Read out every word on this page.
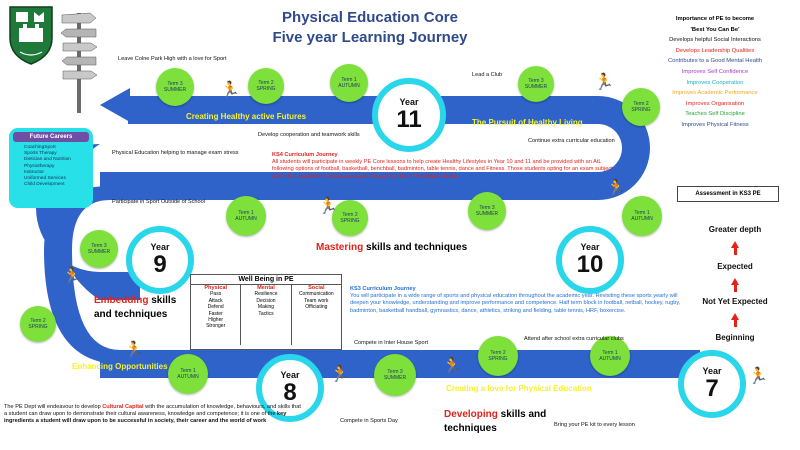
Physical Education Core
Five year Learning Journey
Leave Colne Park High with a love for Sport
Term 3
SUMMER
Term 2
SPRING
Term 1
AUTUMN
Term 3
SUMMER
Term 2
SPRING
Term 1
AUTUMN
Term 3
SUMMER
Term 2
SPRING
Term 1
AUTUMN
Term 3
SUMMER
Term 2
SPRING
Term 1
AUTUMN
Term 3
SUMMER
Term 2
SPRING
Term 1
AUTUMN
Year
11
Year
10
Year
9
Year
8
Year
7
Creating Healthy active Futures
The Pursuit of Healthy Living
Enhancing Opportunities
Creating a love for Physical Education
Mastering skills and techniques
Lead a Club
Develop cooperation and teamwork skills
Continue extra curricular education
Physical Education helping to manage exam stress
Participate in Sport Outside of School
Compete in Inter House Sport
Attend after school extra curricular clubs
Compete in Sports Day
Bring your PE kit to every lesson
KS4 Curriculum Journey
All students will participate in weekly PE Core lessons to help create Healthy Lifestyles in Year 10 and 11 and be provided with an AtL following options of football, basketball, benchball, badminton, table tennis, dance and Fitness. Those students opting for an exam subject within the department will be assessed through GCSE or Vocational criteria.
KS3 Curriculum Journey
You will participate in a wide range of sports and physical education throughout the academic year. Revisiting these sports yearly will deepen your knowledge, understanding and improve performance and competence. Half term block in football, netball, hockey, rugby, badminton, basketball handball, gymnastics, dance, athletics, striking and fielding, table tennis, HRF, boxercise.
Embedding skills
and techniques
Developing skills and
techniques
Future Careers
CoachingSport
Sports Therapy
Dietician and Nutrition
Physiotherapy
Instructor
Uniformed Services
Child Development
Well Being in PE
Physical
Pass
Attack
Defend
Faster
Higher
Stronger
Mental
Resilience
Decision
Making
Tactics
Social
Communication
Team work
Officiating
Importance of PE to become
'Best You Can Be'
Develops helpful Social Interactions
Develops Leadership Qualities
Contributes to a Good Mental Health
Improves Self Confidence
Improves Cooperation
Improves Academic Performance
Improves Organisation
Teaches Self Discipline
Improves Physical Fitness
Assessment in KS3 PE
Greater depth
Expected
Not Yet Expected
Beginning
🏃	🏃
🏃
🏃
🏃
🏃
🏃	🏃
🏃
The PE Dept will endeavour to develop Cultural Capital with the accumulation of knowledge, behaviours, and skills that a student can draw upon to demonstrate their cultural awareness, knowledge and competence; it is one of the key ingredients a student will draw upon to be successful in society, their career and the world of work
